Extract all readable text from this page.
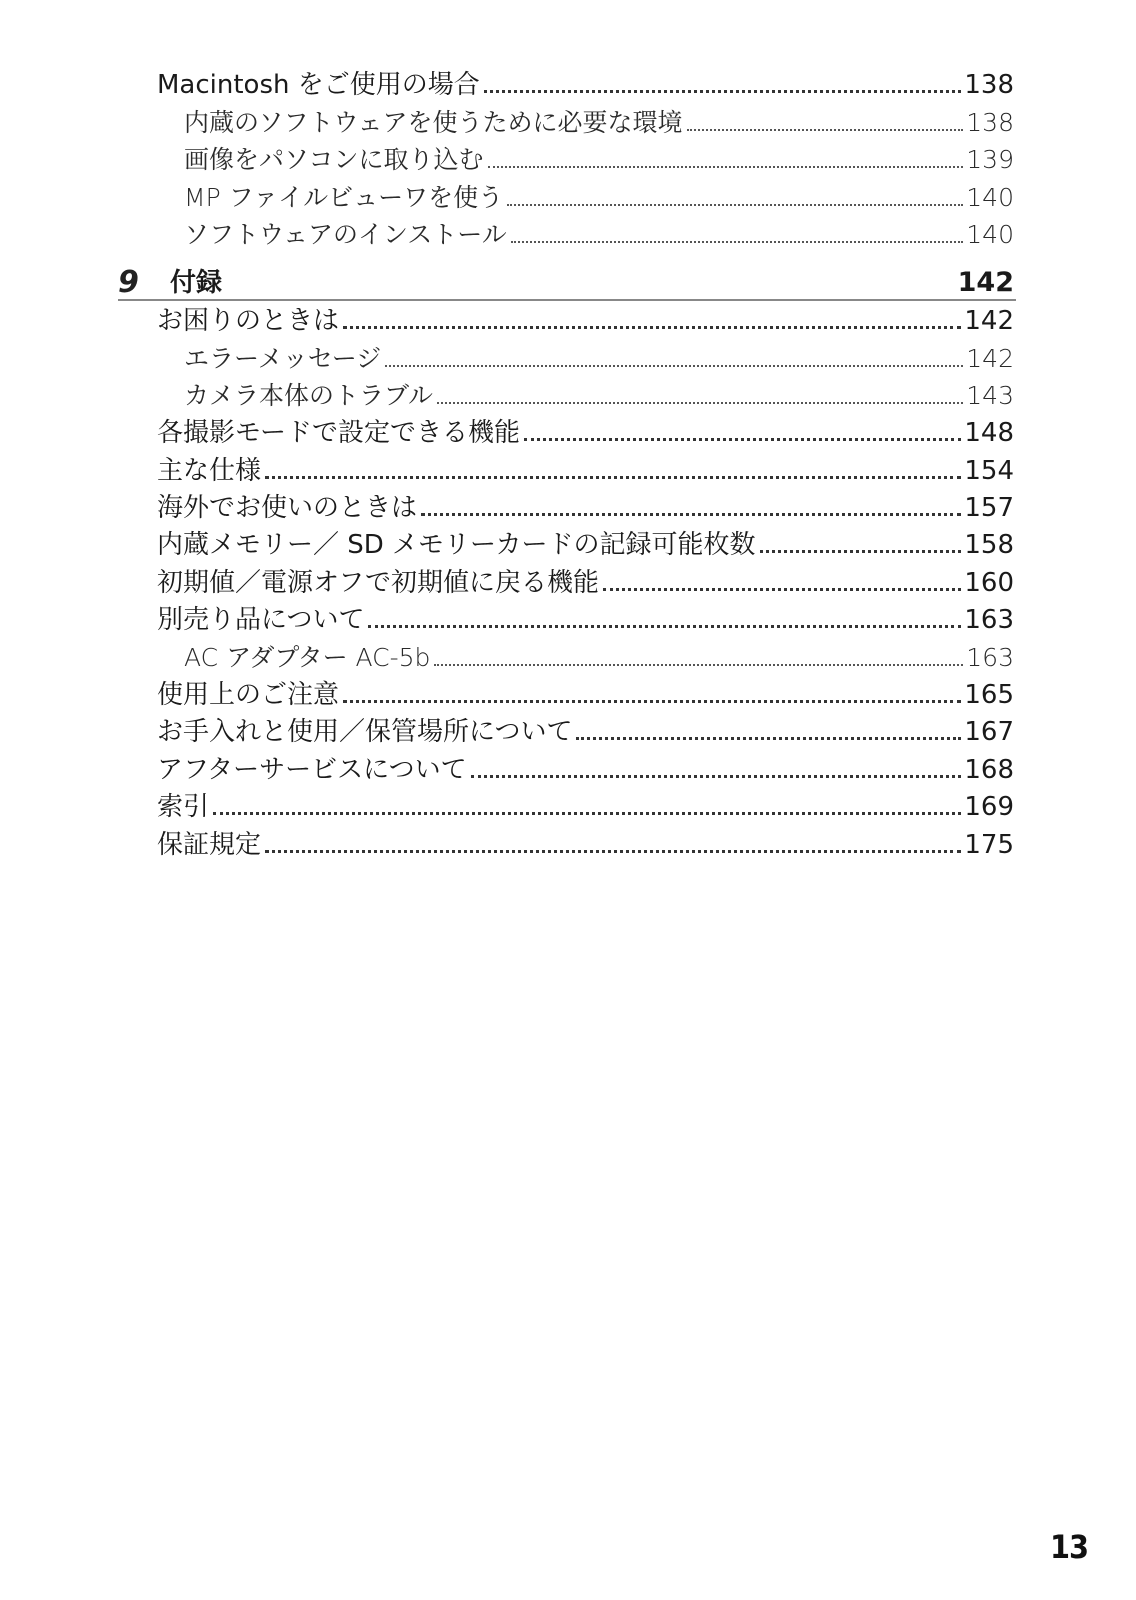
Macintosh をご使用の場合	138
内蔵のソフトウェアを使うために必要な環境	138
画像をパソコンに取り込む	139
MP ファイルビューワを使う	140
ソフトウェアのインストール	140
9	付録	142
お困りのときは	142
エラーメッセージ	142
カメラ本体のトラブル	143
各撮影モードで設定できる機能	148
主な仕様	154
海外でお使いのときは	157
内蔵メモリー／ SD メモリーカードの記録可能枚数	158
初期値／電源オフで初期値に戻る機能	160
別売り品について	163
AC アダプター AC-5b	163
使用上のご注意	165
お手入れと使用／保管場所について	167
アフターサービスについて	168
索引	169
保証規定	175
13
